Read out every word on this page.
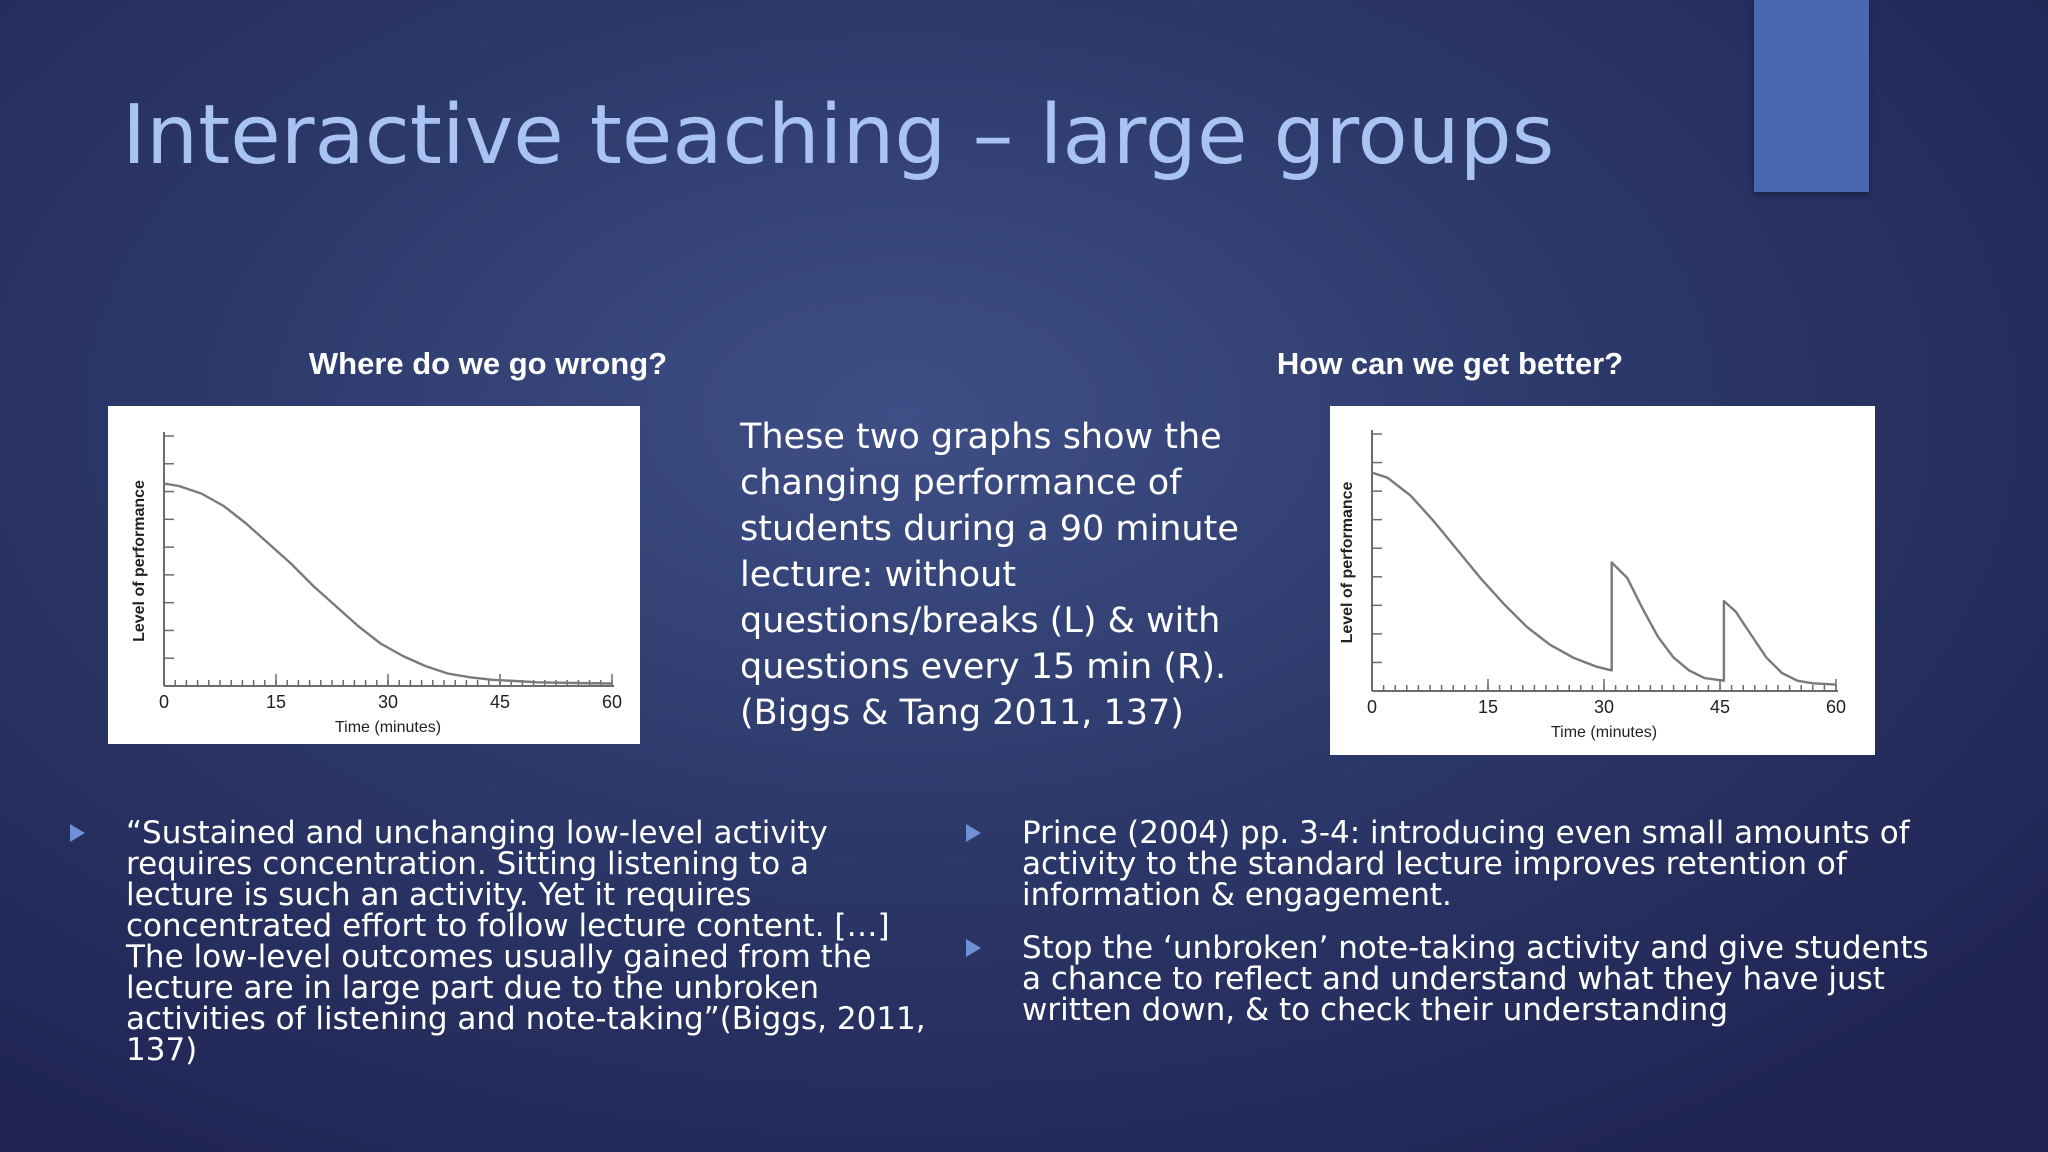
Interactive teaching – large groups

Where do we go wrong?	How can we get better?

0	15	30	45	60
Time (minutes)
Level of performance
0	15	30	45	60
Time (minutes)
Level of performance

These two graphs show the changing performance of students during a 90 minute lecture: without questions/breaks (L) & with questions every 15 min (R). (Biggs & Tang 2011, 137)

“Sustained and unchanging low-level activity requires concentration. Sitting listening to a lecture is such an activity. Yet it requires concentrated effort to follow lecture content. […] The low-level outcomes usually gained from the lecture are in large part due to the unbroken activities of listening and note-taking”(Biggs, 2011, 137)
Prince (2004) pp. 3-4: introducing even small amounts of activity to the standard lecture improves retention of information & engagement.
Stop the ‘unbroken’ note-taking activity and give students a chance to reflect and understand what they have just written down, & to check their understanding
